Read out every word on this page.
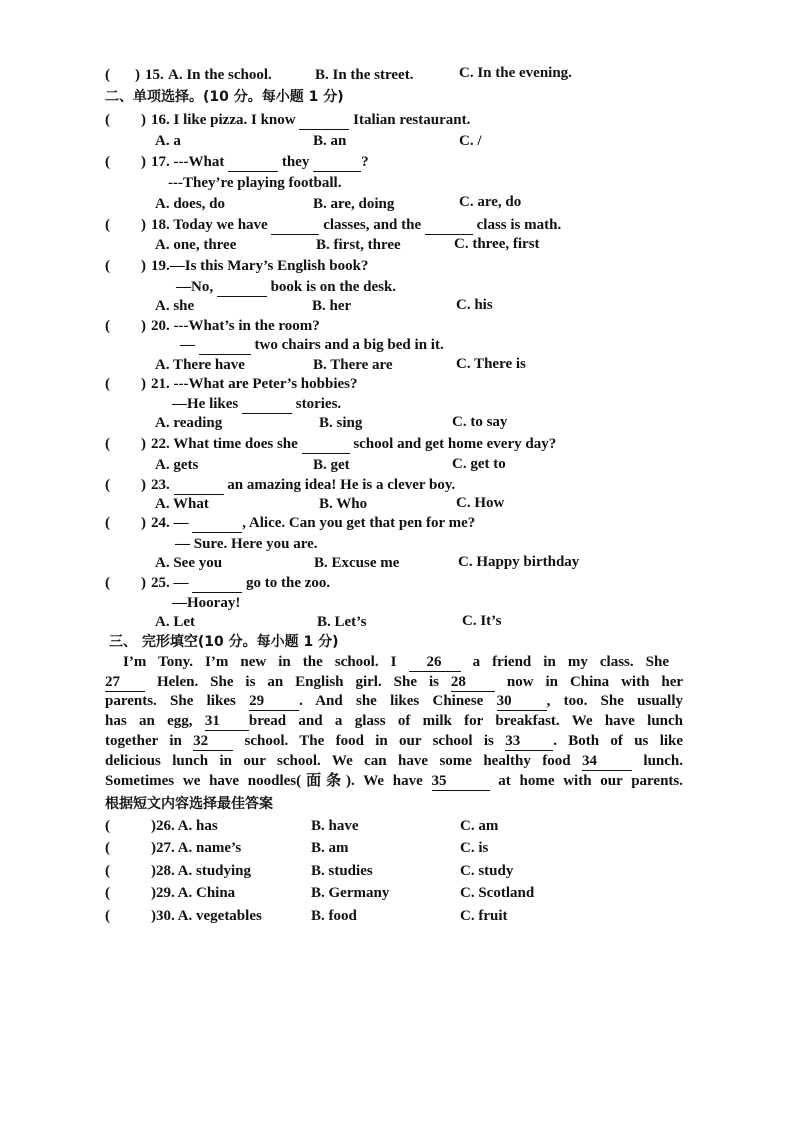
( ) 15. A. In the school.	B. In the street.	C. In the evening.
二、单项选择。(10 分。每小题 1 分)
( ) 16. I like pizza. I know	Italian restaurant.
A. a	B. an	C. /
( ) 17. ---What	they	?
---They’re playing football.
A. does, do	B. are, doing	C. are, do
( ) 18. Today we have	classes, and the	class is math.
A. one, three	B. first, three	C. three, first
( ) 19.—Is this Mary’s English book?
—No,	book is on the desk.
A. she	B. her	C. his
( ) 20. ---What’s in the room?
—	two chairs and a big bed in it.
A. There have	B. There are	C. There is
( ) 21. ---What are Peter’s hobbies?
—He likes	stories.
A. reading	B. sing	C. to say
( ) 22. What time does she	school and get home every day?
A. gets	B. get	C. get to
( ) 23.	an amazing idea! He is a clever boy.
A. What	B. Who	C. How
( ) 24. —	, Alice. Can you get that pen for me?
— Sure. Here you are.
A. See you	B. Excuse me	C. Happy birthday
( ) 25. —	go to the zoo.
—Hooray!
A. Let	B. Let’s	C. It’s
三、 完形填空(10 分。每小题 1 分)
I’m Tony. I’m new in the school. I 26 a friend in my class. She
27 Helen. She is an English girl. She is 28	now in China with her
parents. She likes 29 . And she likes Chinese 30 , too. She usually
has an egg, 31 bread and a glass of milk for breakfast. We have lunch
together in 32 school. The food in our school is 33 . Both of us like
delicious lunch in our school. We can have some healthy food 34	lunch.
Sometimes we have noodles(面条). We have 35	at home with our parents.
根据短文内容选择最佳答案
(	)26. A. has	B. have	C. am
(	)27. A. name’s	B. am	C. is
(	)28. A. studying	B. studies	C. study
(	)29. A. China	B. Germany	C. Scotland
(	)30. A. vegetables	B. food	C. fruit
